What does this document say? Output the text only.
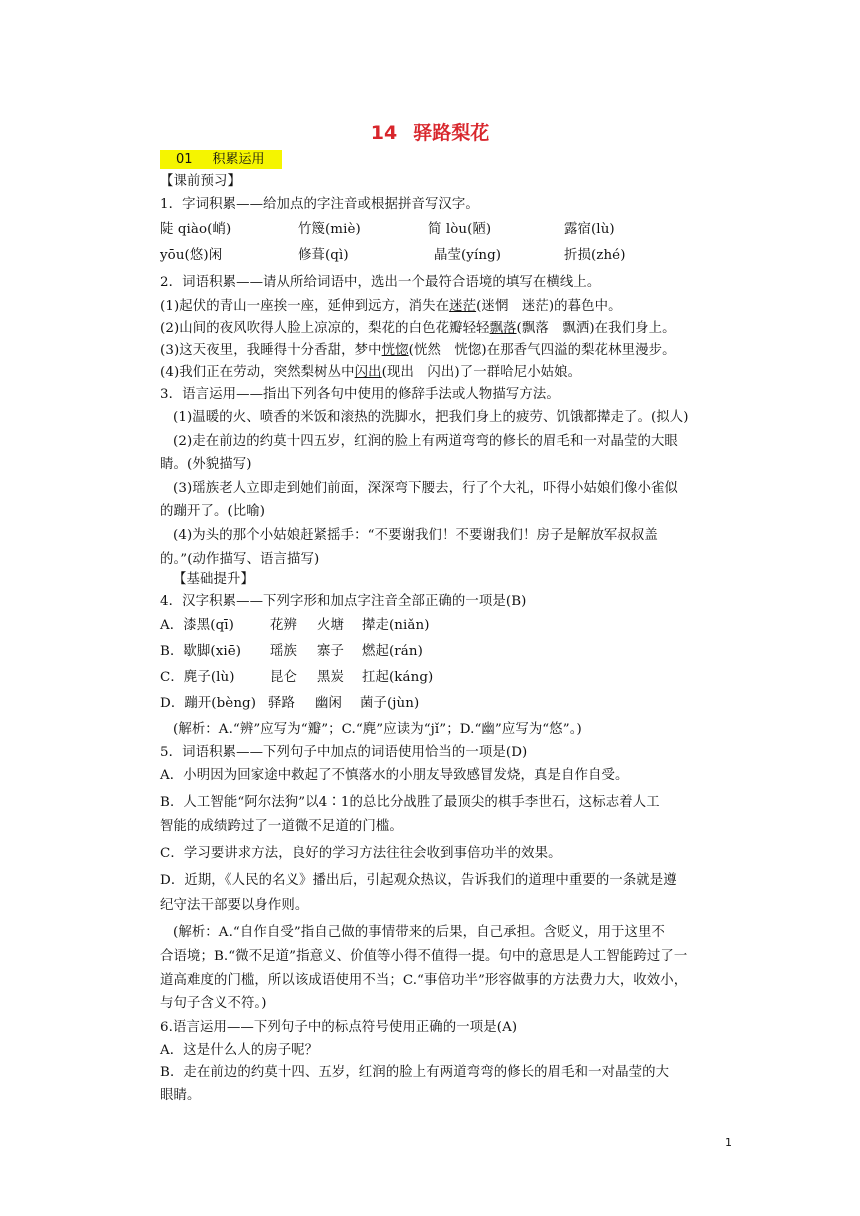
14 驿路梨花
01 积累运用
【课前预习】
1．字词积累——给加点的字注音或根据拼音写汉字。
陡 qiào(峭)	竹篾(miè)	简 lòu(陋)	露宿(lù)
yōu(悠)闲	修葺(qì)	晶莹(yíng)	折损(zhé)
2．词语积累——请从所给词语中，选出一个最符合语境的填写在横线上。
(1)起伏的青山一座挨一座，延伸到远方，消失在迷茫(迷惘　迷茫)的暮色中。
(2)山间的夜风吹得人脸上凉凉的，梨花的白色花瓣轻轻飘落(飘落　飘洒)在我们身上。
(3)这天夜里，我睡得十分香甜，梦中恍惚(恍然　恍惚)在那香气四溢的梨花林里漫步。
(4)我们正在劳动，突然梨树丛中闪出(现出　闪出)了一群哈尼小姑娘。
3．语言运用——指出下列各句中使用的修辞手法或人物描写方法。
(1)温暖的火、喷香的米饭和滚热的洗脚水，把我们身上的疲劳、饥饿都撵走了。(拟人)
(2)走在前边的约莫十四五岁，红润的脸上有两道弯弯的修长的眉毛和一对晶莹的大眼
睛。(外貌描写)
(3)瑶族老人立即走到她们前面，深深弯下腰去，行了个大礼，吓得小姑娘们像小雀似
的蹦开了。(比喻)
(4)为头的那个小姑娘赶紧摇手：“不要谢我们！不要谢我们！房子是解放军叔叔盖
的。”(动作描写、语言描写)
【基础提升】
4．汉字积累——下列字形和加点字注音全部正确的一项是(B)
A．漆黑(qī)	花辨 火塘 撵走(niǎn)
B．歇脚(xiē) 瑶族 寨子 燃起(rán)
C．麂子(lù)	昆仑 黑炭 扛起(káng)
D．蹦开(bèng) 驿路 幽闲 菌子(jùn)
(解析：A.“辨”应写为“瓣”；C.“麂”应读为“jǐ”；D.“幽”应写为“悠”。)
5．词语积累——下列句子中加点的词语使用恰当的一项是(D)
A．小明因为回家途中救起了不慎落水的小朋友导致感冒发烧，真是自作自受。
B．人工智能“阿尔法狗”以4∶1的总比分战胜了最顶尖的棋手李世石，这标志着人工
智能的成绩跨过了一道微不足道的门槛。
C．学习要讲求方法，良好的学习方法往往会收到事倍功半的效果。
D．近期，《人民的名义》播出后，引起观众热议，告诉我们的道理中重要的一条就是遵
纪守法干部要以身作则。
(解析：A.“自作自受”指自己做的事情带来的后果，自己承担。含贬义，用于这里不
合语境；B.“微不足道”指意义、价值等小得不值得一提。句中的意思是人工智能跨过了一
道高难度的门槛，所以该成语使用不当；C.“事倍功半”形容做事的方法费力大，收效小，
与句子含义不符。)
6.语言运用——下列句子中的标点符号使用正确的一项是(A)
A．这是什么人的房子呢？
B．走在前边的约莫十四、五岁，红润的脸上有两道弯弯的修长的眉毛和一对晶莹的大
眼睛。
1
